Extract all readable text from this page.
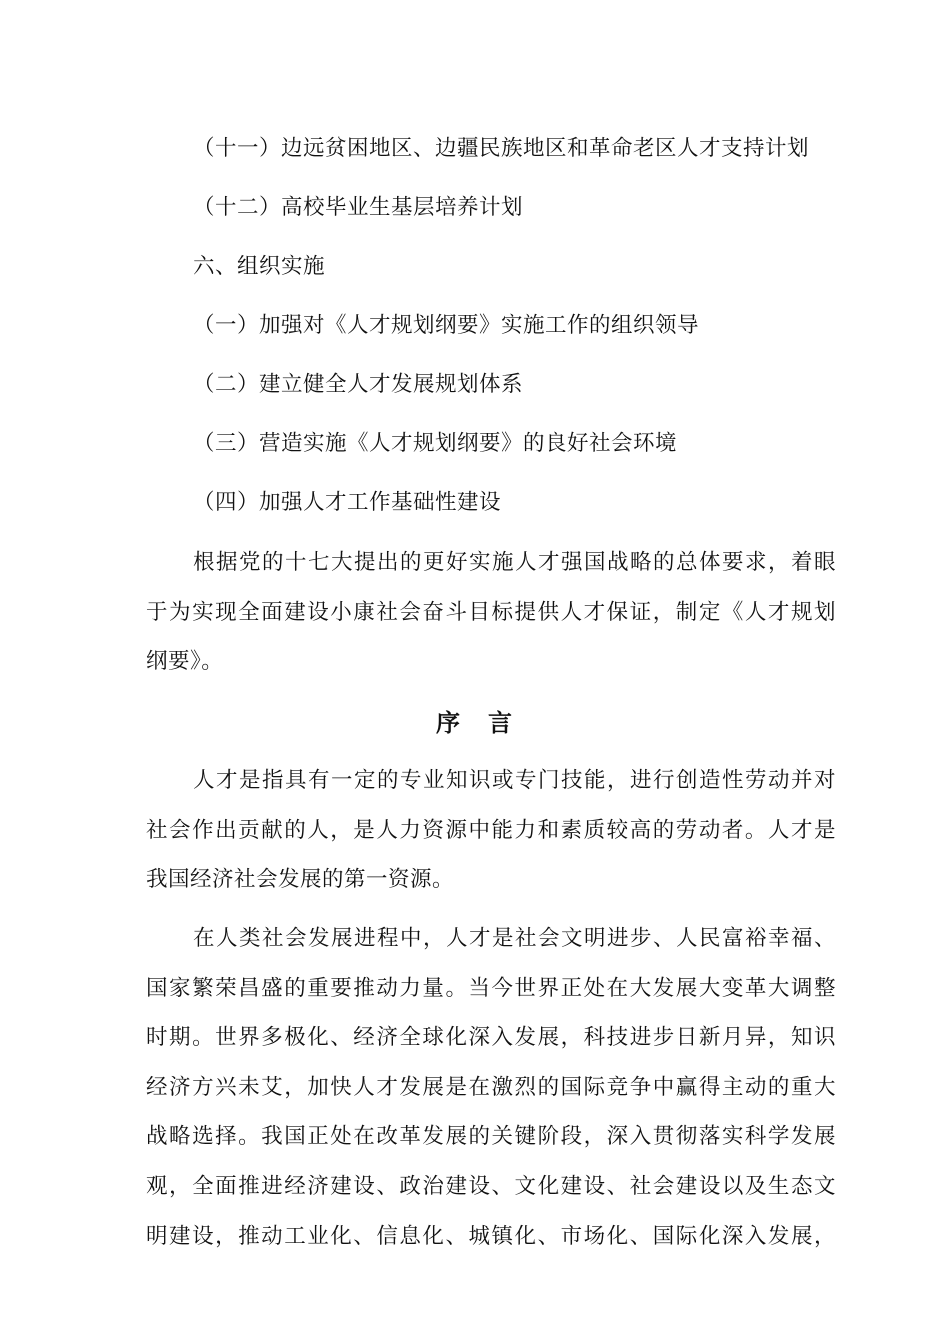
（十一）边远贫困地区、边疆民族地区和革命老区人才支持计划
（十二）高校毕业生基层培养计划
六、组织实施
（一）加强对《人才规划纲要》实施工作的组织领导
（二）建立健全人才发展规划体系
（三）营造实施《人才规划纲要》的良好社会环境
（四）加强人才工作基础性建设
根据党的十七大提出的更好实施人才强国战略的总体要求，着眼
于为实现全面建设小康社会奋斗目标提供人才保证，制定《人才规划
纲要》。
序　言
人才是指具有一定的专业知识或专门技能，进行创造性劳动并对
社会作出贡献的人，是人力资源中能力和素质较高的劳动者。人才是
我国经济社会发展的第一资源。
在人类社会发展进程中，人才是社会文明进步、人民富裕幸福、
国家繁荣昌盛的重要推动力量。当今世界正处在大发展大变革大调整
时期。世界多极化、经济全球化深入发展，科技进步日新月异，知识
经济方兴未艾，加快人才发展是在激烈的国际竞争中赢得主动的重大
战略选择。我国正处在改革发展的关键阶段，深入贯彻落实科学发展
观，全面推进经济建设、政治建设、文化建设、社会建设以及生态文
明建设，推动工业化、信息化、城镇化、市场化、国际化深入发展，
